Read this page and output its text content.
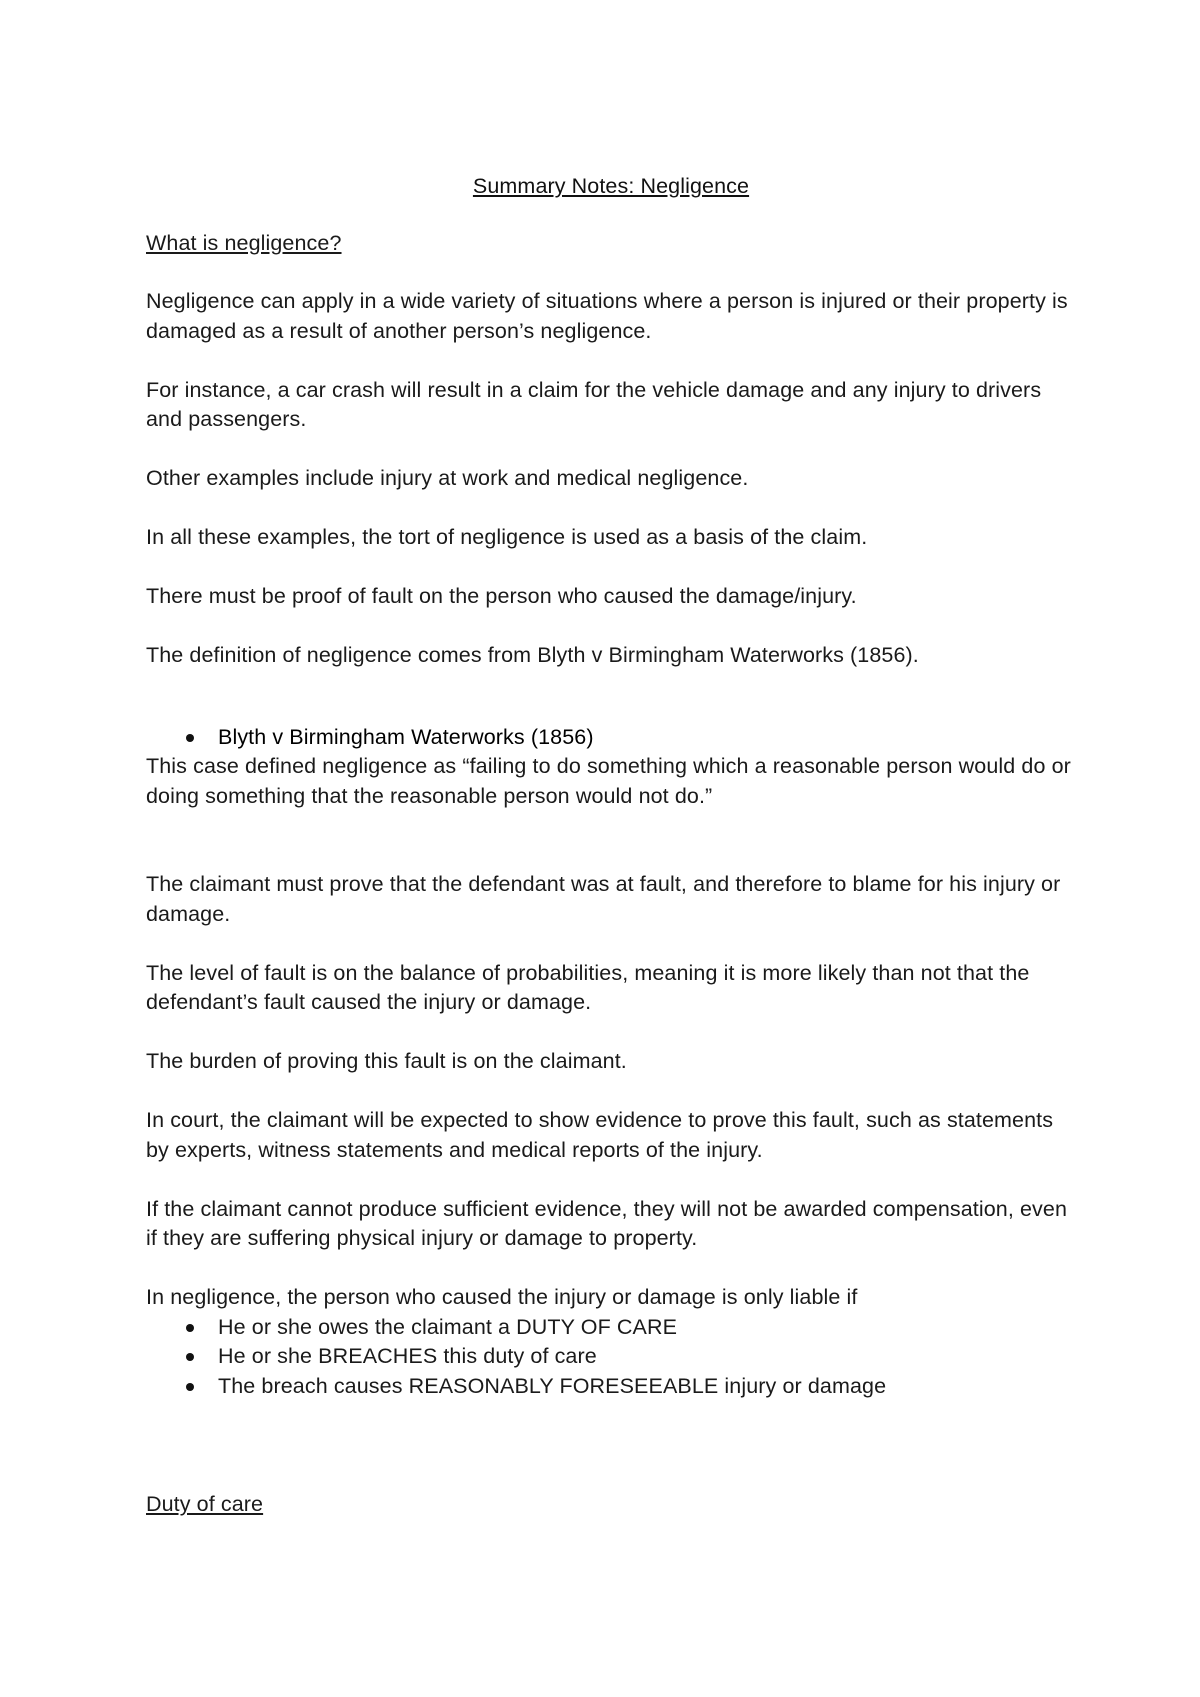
Summary Notes: Negligence
What is negligence?

Negligence can apply in a wide variety of situations where a person is injured or their property is damaged as a result of another person’s negligence.

For instance, a car crash will result in a claim for the vehicle damage and any injury to drivers and passengers.

Other examples include injury at work and medical negligence.

In all these examples, the tort of negligence is used as a basis of the claim.

There must be proof of fault on the person who caused the damage/injury.

The definition of negligence comes from Blyth v Birmingham Waterworks (1856).

Blyth v Birmingham Waterworks (1856)

This case defined negligence as “failing to do something which a reasonable person would do or doing something that the reasonable person would not do.”

The claimant must prove that the defendant was at fault, and therefore to blame for his injury or damage.

The level of fault is on the balance of probabilities, meaning it is more likely than not that the defendant’s fault caused the injury or damage.

The burden of proving this fault is on the claimant.

In court, the claimant will be expected to show evidence to prove this fault, such as statements by experts, witness statements and medical reports of the injury.

If the claimant cannot produce sufficient evidence, they will not be awarded compensation, even if they are suffering physical injury or damage to property.

In negligence, the person who caused the injury or damage is only liable if
He or she owes the claimant a DUTY OF CARE
He or she BREACHES this duty of care
The breach causes REASONABLY FORESEEABLE injury or damage
Duty of care
